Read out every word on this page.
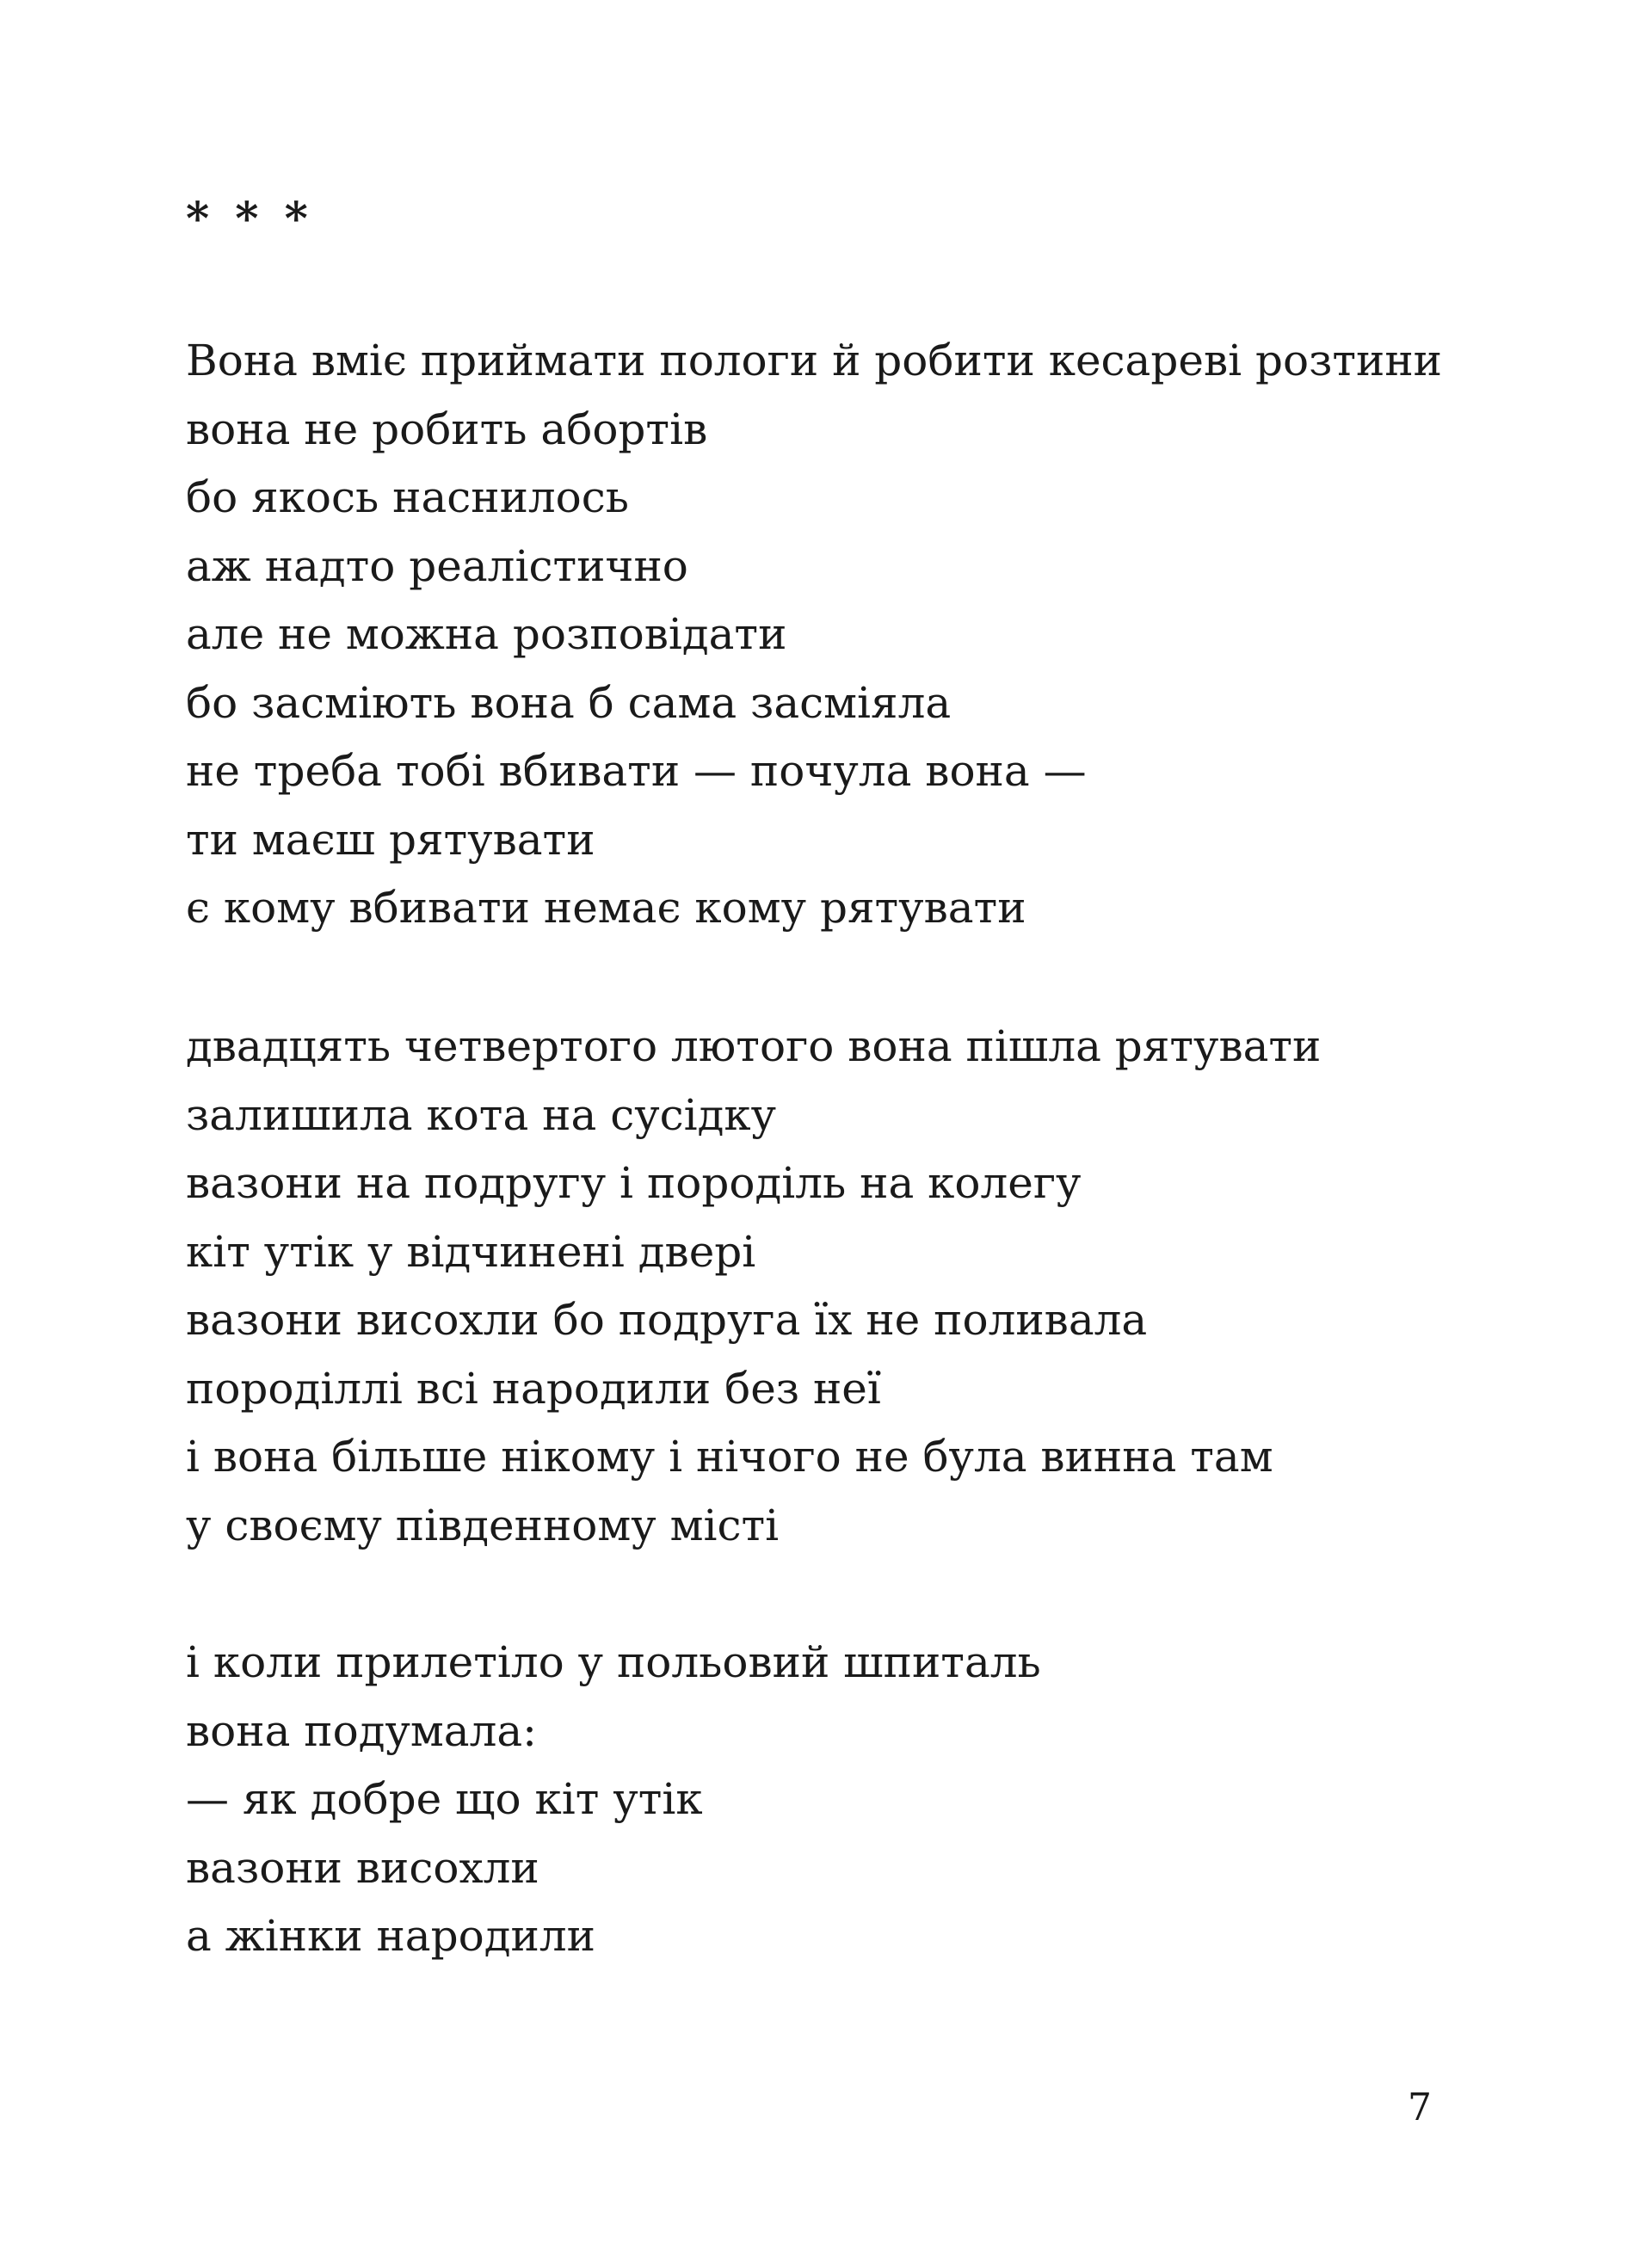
* * *
Вона вміє приймати пологи й робити кесареві розтини
вона не робить абортів
бо якось наснилось
аж надто реалістично
але не можна розповідати
бо засміють вона б сама засміяла
не треба тобі вбивати — почула вона —
ти маєш рятувати
є кому вбивати немає кому рятувати
двадцять четвертого лютого вона пішла рятувати
залишила кота на сусідку
вазони на подругу і породіль на колегу
кіт утік у відчинені двері
вазони висохли бо подруга їх не поливала
породіллі всі народили без неї
і вона більше нікому і нічого не була винна там
у своєму південному місті
і коли прилетіло у польовий шпиталь
вона подумала:
— як добре що кіт утік
вазони висохли
а жінки народили
7
